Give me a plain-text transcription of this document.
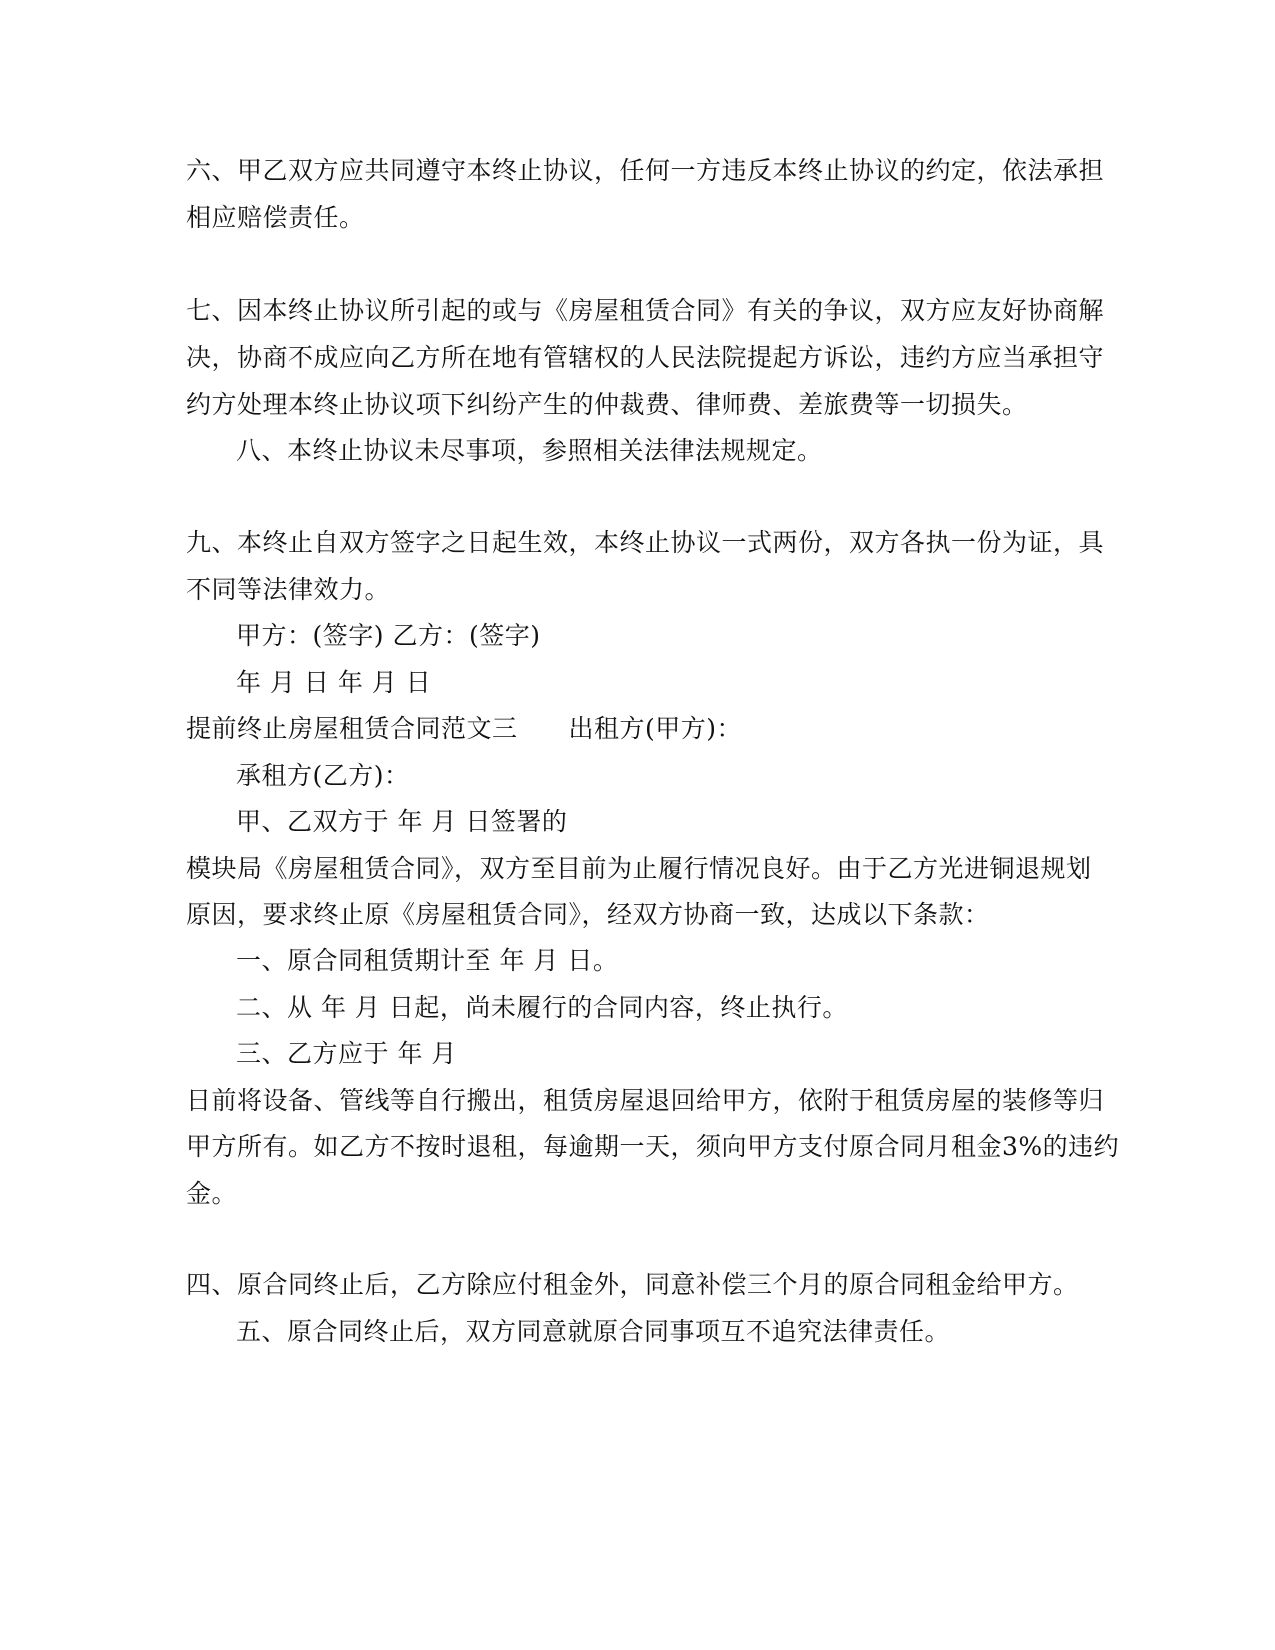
六、甲乙双方应共同遵守本终止协议，任何一方违反本终止协议的约定，依法承担
相应赔偿责任。
七、因本终止协议所引起的或与《房屋租赁合同》有关的争议，双方应友好协商解
决，协商不成应向乙方所在地有管辖权的人民法院提起方诉讼，违约方应当承担守
约方处理本终止协议项下纠纷产生的仲裁费、律师费、差旅费等一切损失。
八、本终止协议未尽事项，参照相关法律法规规定。
九、本终止自双方签字之日起生效，本终止协议一式两份，双方各执一份为证，具
不同等法律效力。
甲方：(签字) 乙方：(签字)
年 月 日 年 月 日
提前终止房屋租赁合同范文三　　出租方(甲方)：
承租方(乙方)：
甲、乙双方于 年 月 日签署的
模块局《房屋租赁合同》，双方至目前为止履行情况良好。由于乙方光进铜退规划
原因，要求终止原《房屋租赁合同》，经双方协商一致，达成以下条款：
一、原合同租赁期计至 年 月 日。
二、从 年 月 日起，尚未履行的合同内容，终止执行。
三、乙方应于 年 月
日前将设备、管线等自行搬出，租赁房屋退回给甲方，依附于租赁房屋的装修等归
甲方所有。如乙方不按时退租，每逾期一天，须向甲方支付原合同月租金3%的违约
金。
四、原合同终止后，乙方除应付租金外，同意补偿三个月的原合同租金给甲方。
五、原合同终止后，双方同意就原合同事项互不追究法律责任。
